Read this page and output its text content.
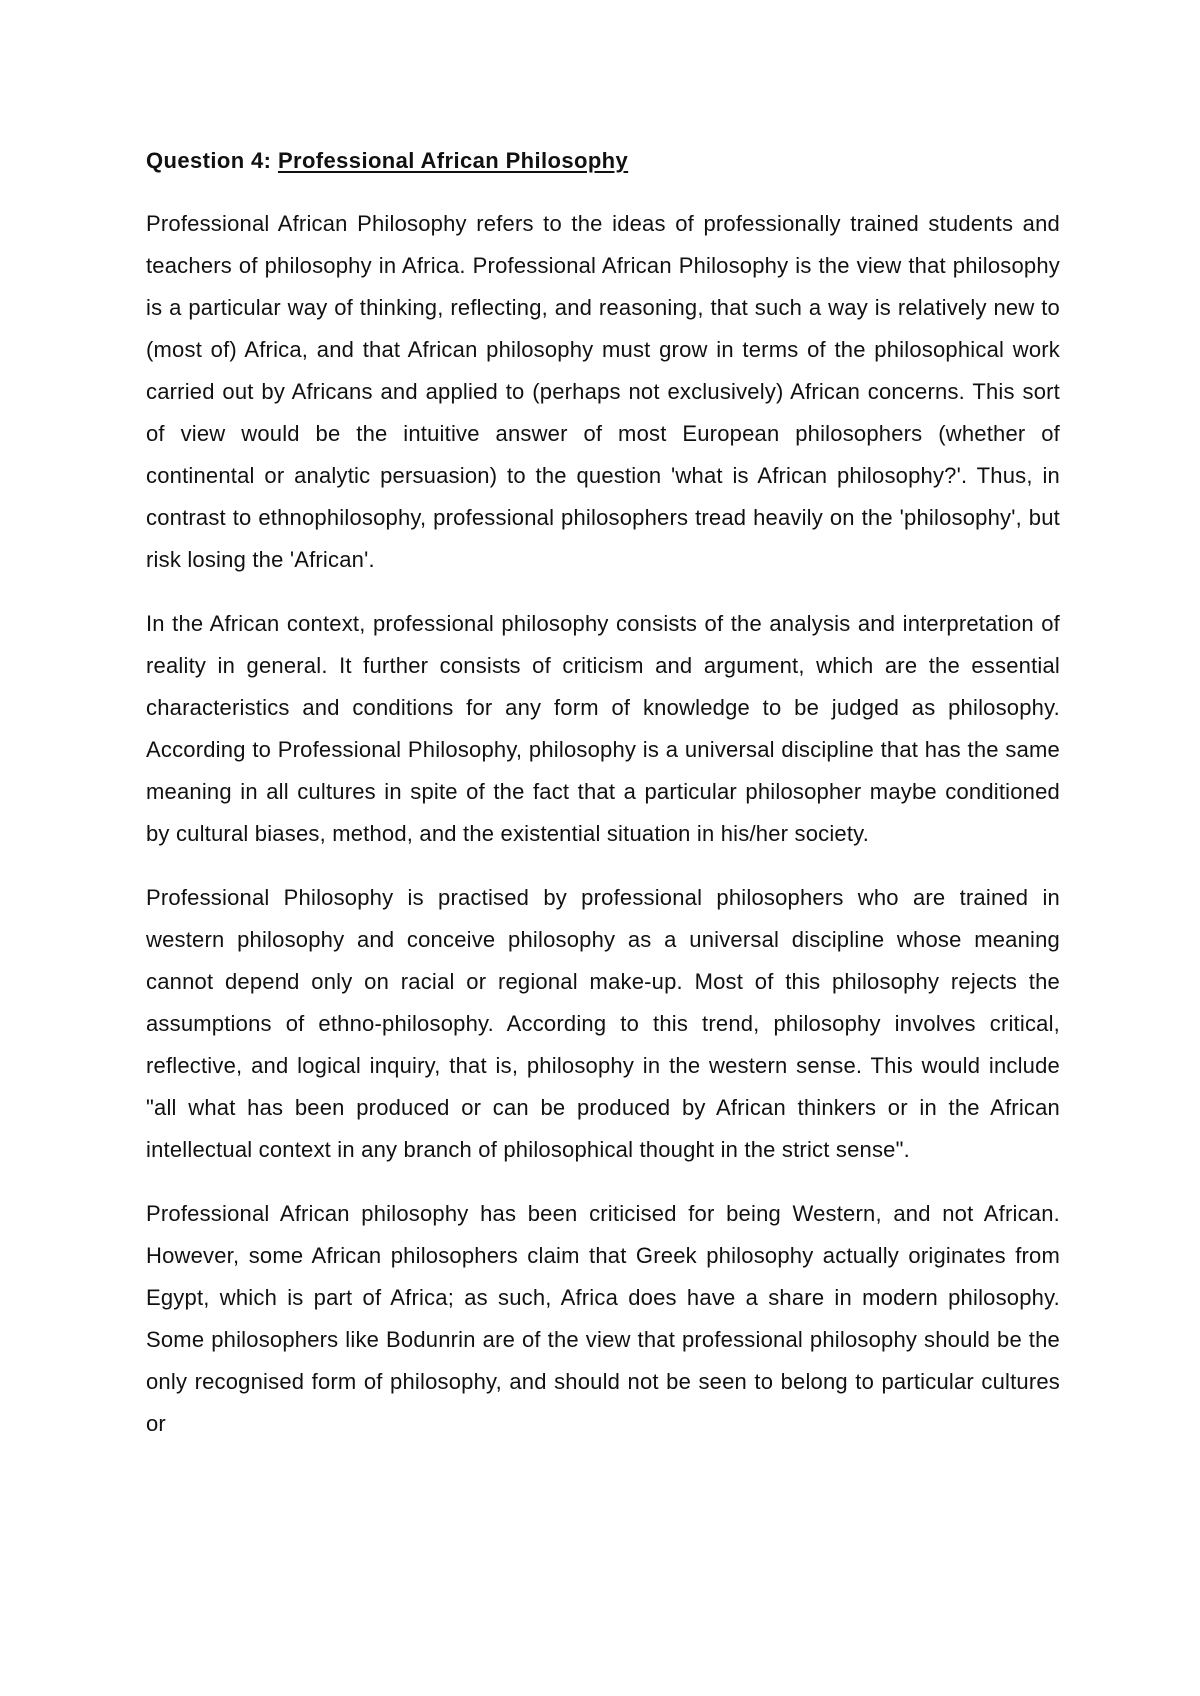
Question 4: Professional African Philosophy

Professional African Philosophy refers to the ideas of professionally trained students and teachers of philosophy in Africa. Professional African Philosophy is the view that philosophy is a particular way of thinking, reflecting, and reasoning, that such a way is relatively new to (most of) Africa, and that African philosophy must grow in terms of the philosophical work carried out by Africans and applied to (perhaps not exclusively) African concerns. This sort of view would be the intuitive answer of most European philosophers (whether of continental or analytic persuasion) to the question 'what is African philosophy?'. Thus, in contrast to ethnophilosophy, professional philosophers tread heavily on the 'philosophy', but risk losing the 'African'.

In the African context, professional philosophy consists of the analysis and interpretation of reality in general. It further consists of criticism and argument, which are the essential characteristics and conditions for any form of knowledge to be judged as philosophy. According to Professional Philosophy, philosophy is a universal discipline that has the same meaning in all cultures in spite of the fact that a particular philosopher maybe conditioned by cultural biases, method, and the existential situation in his/her society.

Professional Philosophy is practised by professional philosophers who are trained in western philosophy and conceive philosophy as a universal discipline whose meaning cannot depend only on racial or regional make-up. Most of this philosophy rejects the assumptions of ethno-philosophy. According to this trend, philosophy involves critical, reflective, and logical inquiry, that is, philosophy in the western sense. This would include "all what has been produced or can be produced by African thinkers or in the African intellectual context in any branch of philosophical thought in the strict sense".

Professional African philosophy has been criticised for being Western, and not African. However, some African philosophers claim that Greek philosophy actually originates from Egypt, which is part of Africa; as such, Africa does have a share in modern philosophy. Some philosophers like Bodunrin are of the view that professional philosophy should be the only recognised form of philosophy, and should not be seen to belong to particular cultures or
